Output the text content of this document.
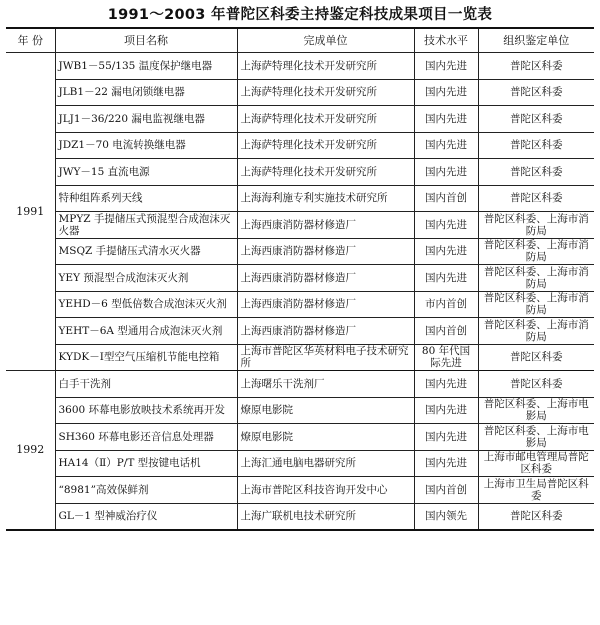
1991～2003 年普陀区科委主持鉴定科技成果项目一览表
年 份	项目名称	完成单位	技术水平	组织鉴定单位
1991	JWB1－55/135 温度保护继电器	上海萨特理化技术开发研究所	国内先进	普陀区科委
	JLB1－22 漏电闭锁继电器	上海萨特理化技术开发研究所	国内先进	普陀区科委
	JLJ1－36/220 漏电监视继电器	上海萨特理化技术开发研究所	国内先进	普陀区科委
	JDZ1－70 电流转换继电器	上海萨特理化技术开发研究所	国内先进	普陀区科委
	JWY－15 直流电源	上海萨特理化技术开发研究所	国内先进	普陀区科委
	特种组阵系列天线	上海海利施专利实施技术研究所	国内首创	普陀区科委
	MPYZ 手提储压式预混型合成泡沫灭火器	上海西康消防器材修造厂	国内先进	普陀区科委、上海市消防局
	MSQZ 手提储压式清水灭火器	上海西康消防器材修造厂	国内先进	普陀区科委、上海市消防局
	YEY 预混型合成泡沫灭火剂	上海西康消防器材修造厂	国内先进	普陀区科委、上海市消防局
	YEHD－6 型低倍数合成泡沫灭火剂	上海西康消防器材修造厂	市内首创	普陀区科委、上海市消防局
	YEHT－6A 型通用合成泡沫灭火剂	上海西康消防器材修造厂	国内首创	普陀区科委、上海市消防局
	KYDK－Ⅰ型空气压缩机节能电控箱	上海市普陀区华英材料电子技术研究所	80 年代国际先进	普陀区科委
1992	白手干洗剂	上海曙乐干洗剂厂	国内先进	普陀区科委
	3600 环幕电影放映技术系统再开发	燎原电影院	国内先进	普陀区科委、上海市电影局
	SH360 环幕电影还音信息处理器	燎原电影院	国内先进	普陀区科委、上海市电影局
	HA14（Ⅱ）P/T 型按键电话机	上海汇通电脑电器研究所	国内先进	上海市邮电管理局普陀区科委
	“8981”高效保鲜剂	上海市普陀区科技咨询开发中心	国内首创	上海市卫生局普陀区科委
	GL－1 型神威治疗仪	上海广联机电技术研究所	国内领先	普陀区科委
